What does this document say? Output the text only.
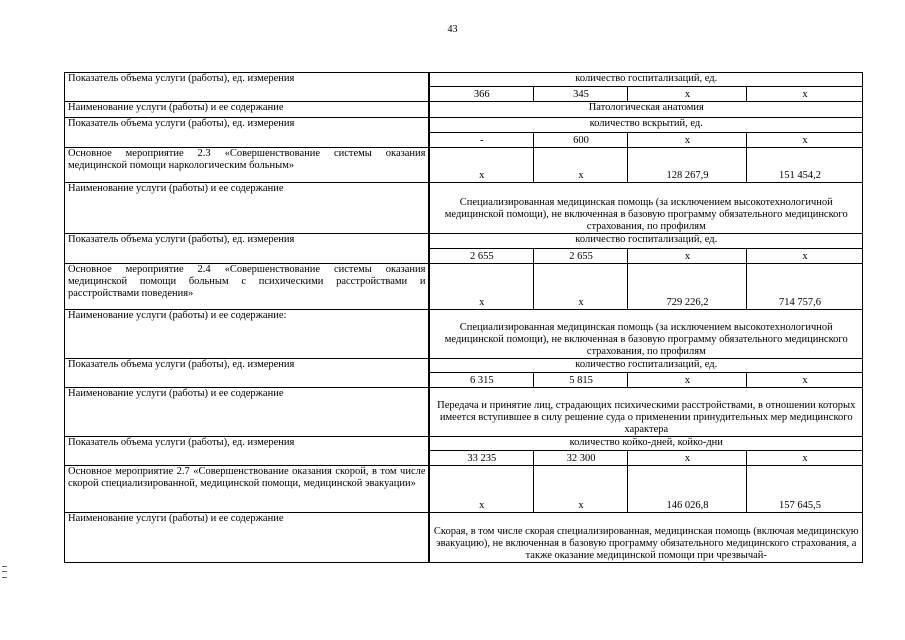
43
Показатель объема услуги (работы), ед. измерения	количество госпитализаций, ед.			
	366	345	х	х
Наименование услуги (работы) и ее содержание	Патологическая анатомия			
Показатель объема услуги (работы), ед. измерения	количество вскрытий, ед.			
	-	600	х	х
Основное мероприятие 2.3 «Совершенствование системы оказания медицинской помощи наркологическим больным»	х	х	128 267,9	151 454,2
Наименование услуги (работы) и ее содержание	Специализированная медицинская помощь (за исключением высокотехнологичной медицинской помощи), не включенная в базовую программу обязательного медицинского страхования, по профилям			
Показатель объема услуги (работы), ед. измерения	количество госпитализаций, ед.			
	2 655	2 655	х	х
Основное мероприятие 2.4 «Совершенствование системы оказания медицинской помощи больным с психическими расстройствами и расстройствами поведения»	х	х	729 226,2	714 757,6
Наименование услуги (работы) и ее содержание:	Специализированная медицинская помощь (за исключением высокотехнологичной медицинской помощи), не включенная в базовую программу обязательного медицинского страхования, по профилям			
Показатель объема услуги (работы), ед. измерения	количество госпитализаций, ед.			
	6 315	5 815	х	х
Наименование услуги (работы) и ее содержание	Передача и принятие лиц, страдающих психическими расстройствами, в отношении которых имеется вступившее в силу решение суда о применении принудительных мер медицинского характера			
Показатель объема услуги (работы), ед. измерения	количество койко-дней, койко-дни			
	33 235	32 300	х	х
Основное мероприятие 2.7 «Совершенствование оказания скорой, в том числе скорой специализированной, медицинской помощи, медицинской эвакуации»	х	х	146 026,8	157 645,5
Наименование услуги (работы) и ее содержание	Скорая, в том числе скорая специализированная, медицинская помощь (включая медицинскую эвакуацию), не включенная в базовую программу обязательного медицинского страхования, а также оказание медицинской помощи при чрезвычай-			
